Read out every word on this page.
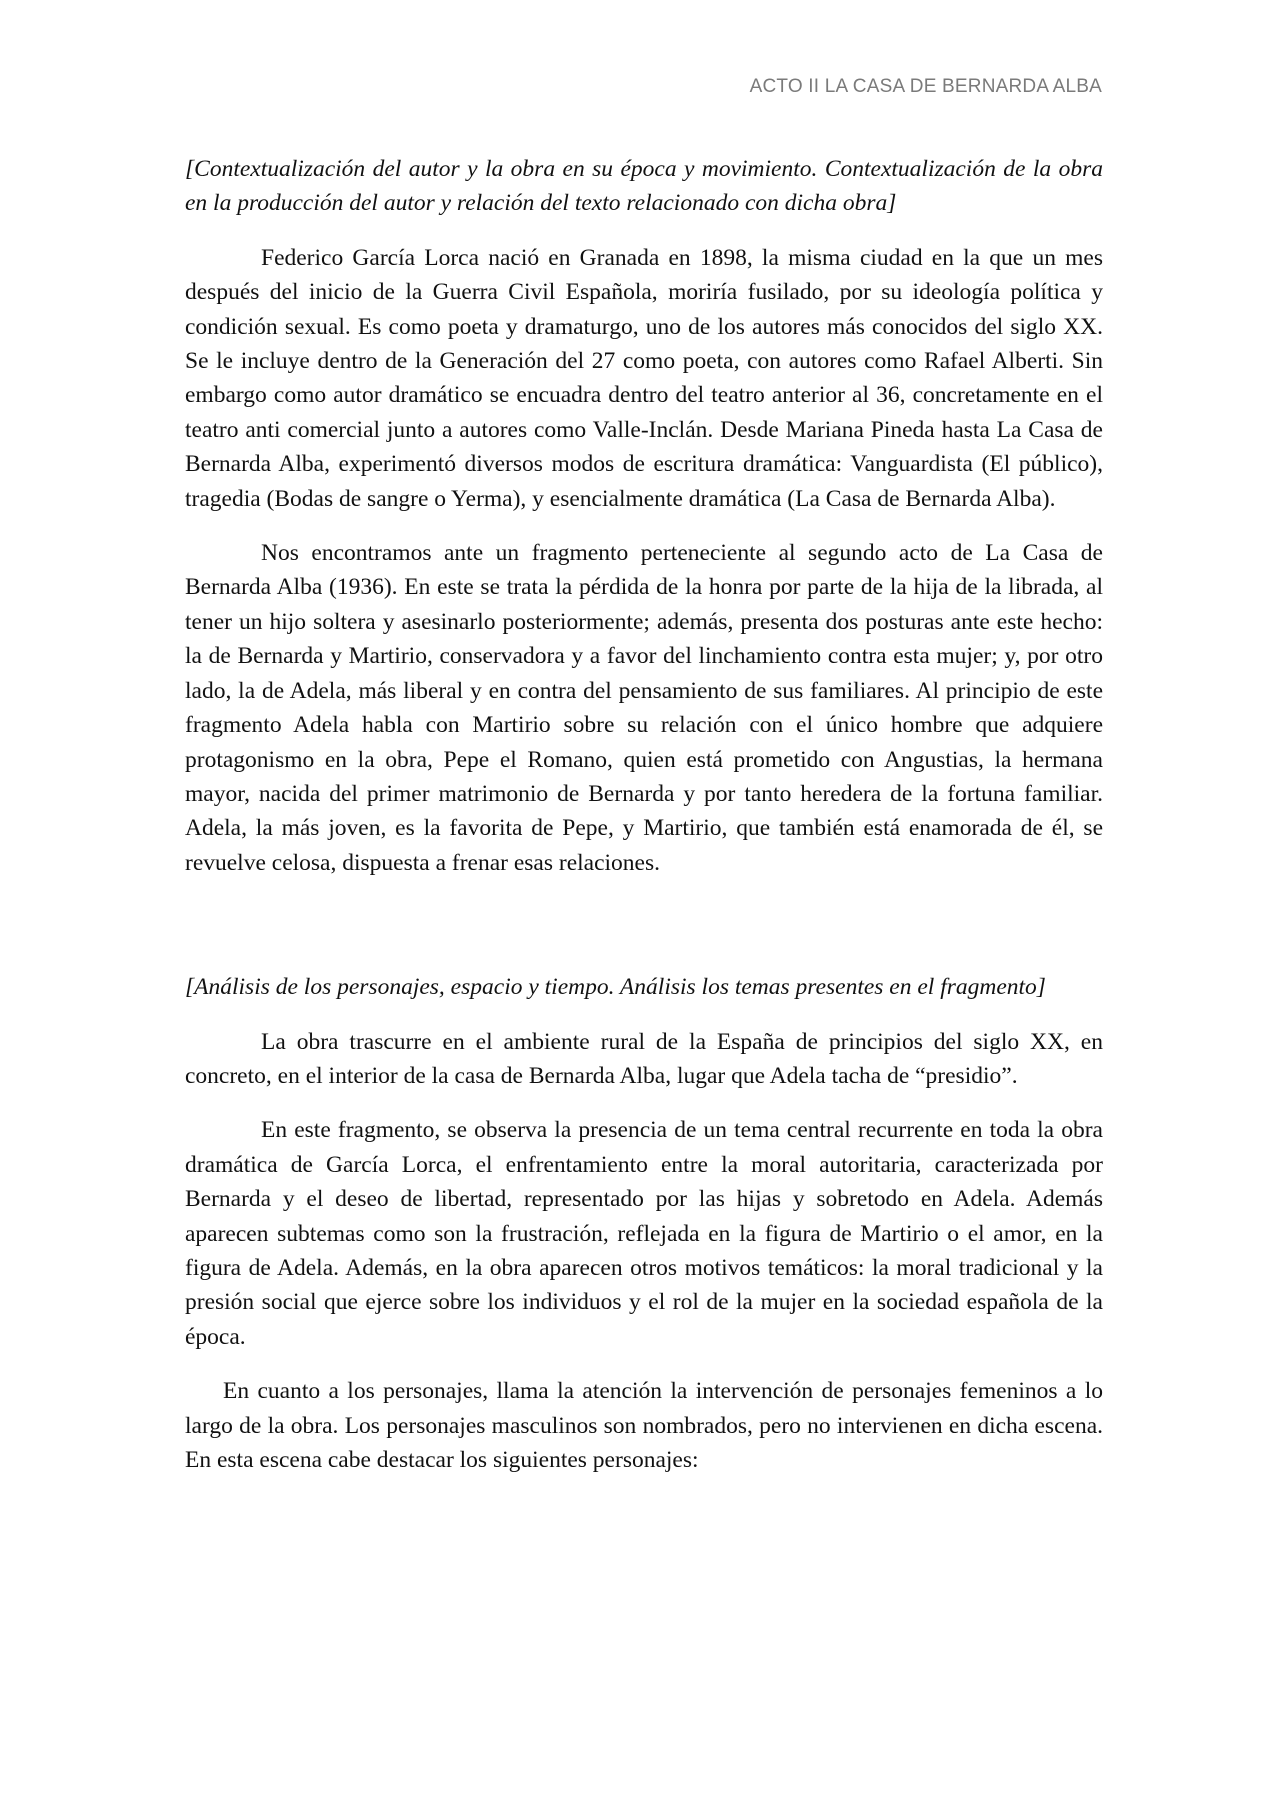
ACTO II LA CASA DE BERNARDA ALBA

[Contextualización del autor y la obra en su época y movimiento. Contextualización de la obra en la producción del autor y relación del texto relacionado con dicha obra]

Federico García Lorca nació en Granada en 1898, la misma ciudad en la que un mes después del inicio de la Guerra Civil Española, moriría fusilado, por su ideología política y condición sexual. Es como poeta y dramaturgo, uno de los autores más conocidos del siglo XX. Se le incluye dentro de la Generación del 27 como poeta, con autores como Rafael Alberti. Sin embargo como autor dramático se encuadra dentro del teatro anterior al 36, concretamente en el teatro anti comercial junto a autores como Valle-Inclán. Desde Mariana Pineda hasta La Casa de Bernarda Alba, experimentó diversos modos de escritura dramática: Vanguardista (El público), tragedia (Bodas de sangre o Yerma), y esencialmente dramática (La Casa de Bernarda Alba).

Nos encontramos ante un fragmento perteneciente al segundo acto de La Casa de Bernarda Alba (1936). En este se trata la pérdida de la honra por parte de la hija de la librada, al tener un hijo soltera y asesinarlo posteriormente; además, presenta dos posturas ante este hecho: la de Bernarda y Martirio, conservadora y a favor del linchamiento contra esta mujer; y, por otro lado, la de Adela, más liberal y en contra del pensamiento de sus familiares. Al principio de este fragmento Adela habla con Martirio sobre su relación con el único hombre que adquiere protagonismo en la obra, Pepe el Romano, quien está prometido con Angustias, la hermana mayor, nacida del primer matrimonio de Bernarda y por tanto heredera de la fortuna familiar. Adela, la más joven, es la favorita de Pepe, y Martirio, que también está enamorada de él, se revuelve celosa, dispuesta a frenar esas relaciones.

[Análisis de los personajes, espacio y tiempo. Análisis los temas presentes en el fragmento]

La obra trascurre en el ambiente rural de la España de principios del siglo XX, en concreto, en el interior de la casa de Bernarda Alba, lugar que Adela tacha de “presidio”.

En este fragmento, se observa la presencia de un tema central recurrente en toda la obra dramática de García Lorca, el enfrentamiento entre la moral autoritaria, caracterizada por Bernarda y el deseo de libertad, representado por las hijas y sobretodo en Adela. Además aparecen subtemas como son la frustración, reflejada en la figura de Martirio o el amor, en la figura de Adela. Además, en la obra aparecen otros motivos temáticos: la moral tradicional y la presión social que ejerce sobre los individuos y el rol de la mujer en la sociedad española de la época.

En cuanto a los personajes, llama la atención la intervención de personajes femeninos a lo largo de la obra. Los personajes masculinos son nombrados, pero no intervienen en dicha escena. En esta escena cabe destacar los siguientes personajes:
